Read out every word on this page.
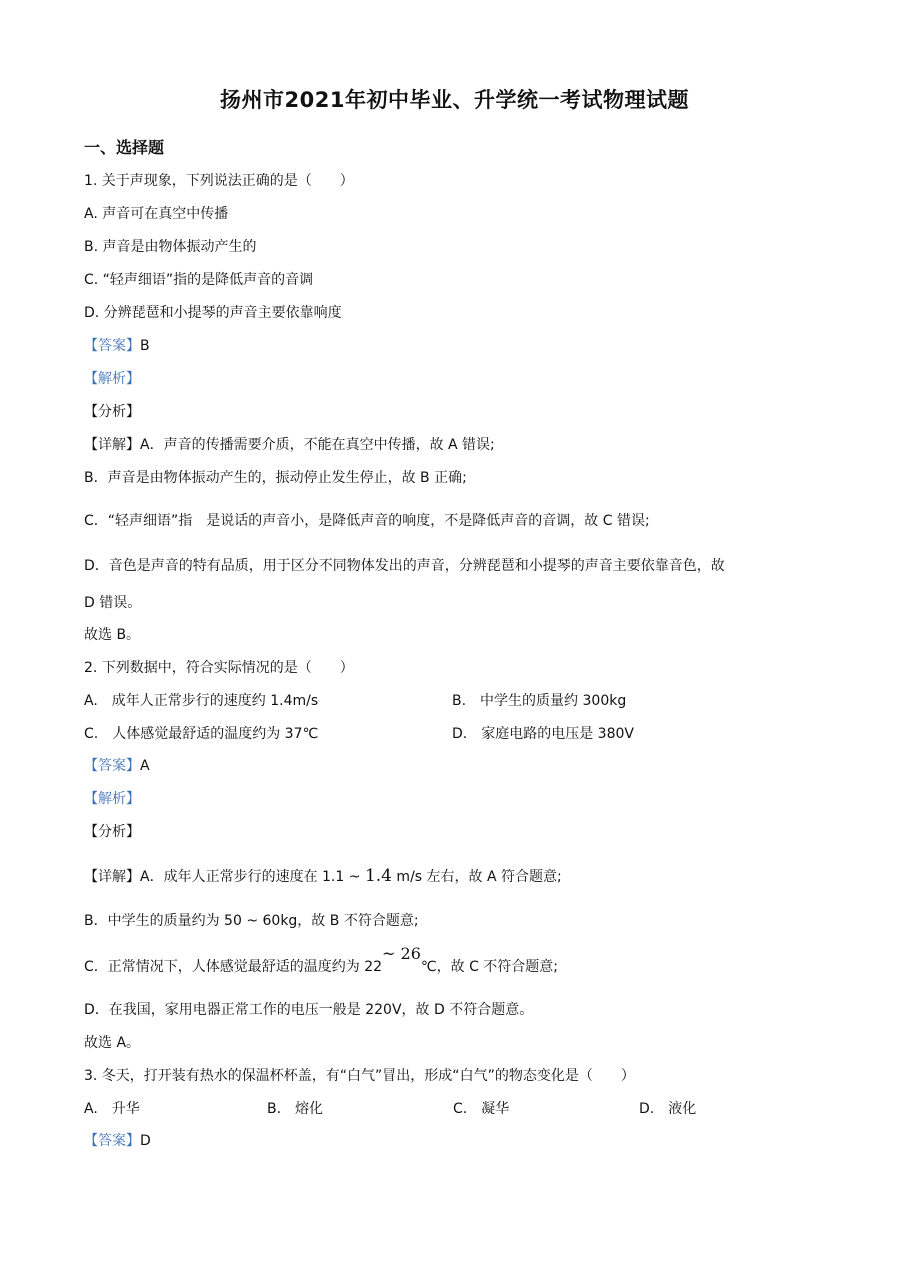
扬州市2021年初中毕业、升学统一考试物理试题
一、选择题
1. 关于声现象，下列说法正确的是（　　）
A. 声音可在真空中传播
B. 声音是由物体振动产生的
C. “轻声细语”指的是降低声音的音调
D. 分辨琵琶和小提琴的声音主要依靠响度
【答案】B
【解析】
【分析】
【详解】A．声音的传播需要介质，不能在真空中传播，故 A 错误;
B．声音是由物体振动产生的，振动停止发生停止，故 B 正确;
C．“轻声细语”指　是说话的声音小，是降低声音的响度，不是降低声音的音调，故 C 错误;
D．音色是声音的特有品质，用于区分不同物体发出的声音，分辨琵琶和小提琴的声音主要依靠音色，故
D 错误。
故选 B。
2. 下列数据中，符合实际情况的是（　　）
A.　成年人正常步行的速度约 1.4m/s	B.　中学生的质量约 300kg
C.　人体感觉最舒适的温度约为 37℃	D.　家庭电路的电压是 380V
【答案】A
【解析】
【分析】
【详解】A．成年人正常步行的速度在 1.1 ~ 1.4 m/s 左右，故 A 符合题意;
B．中学生的质量约为 50 ~ 60kg，故 B 不符合题意;
C．正常情况下，人体感觉最舒适的温度约为 22~ 26℃，故 C 不符合题意;
D．在我国，家用电器正常工作的电压一般是 220V，故 D 不符合题意。
故选 A。
3. 冬天，打开装有热水的保温杯杯盖，有“白气”冒出，形成“白气”的物态变化是（　　）
A.　升华	B.　熔化	C.　凝华	D.　液化
【答案】D
